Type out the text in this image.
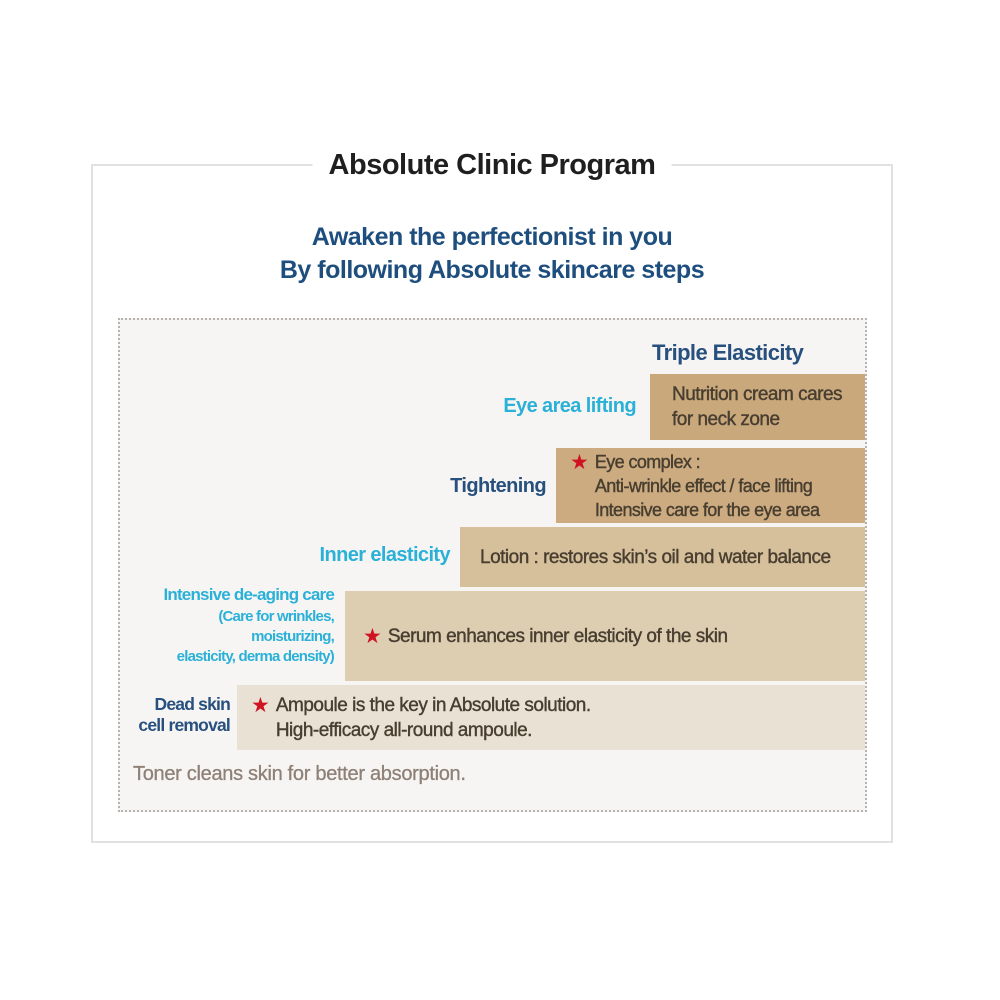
Absolute Clinic Program
Awaken the perfectionist in you
By following Absolute skincare steps
Triple Elasticity
Eye area lifting
Nutrition cream cares
for neck zone
Tightening
★ Eye complex :
Anti-wrinkle effect / face lifting
Intensive care for the eye area
Inner elasticity Lotion : restores skin’s oil and water balance
Intensive de-aging care
(Care for wrinkles,
moisturizing,
elasticity, derma density)
★ Serum enhances inner elasticity of the skin
Dead skin
cell removal
★ Ampoule is the key in Absolute solution.
High-efficacy all-round ampoule.
Toner cleans skin for better absorption.
